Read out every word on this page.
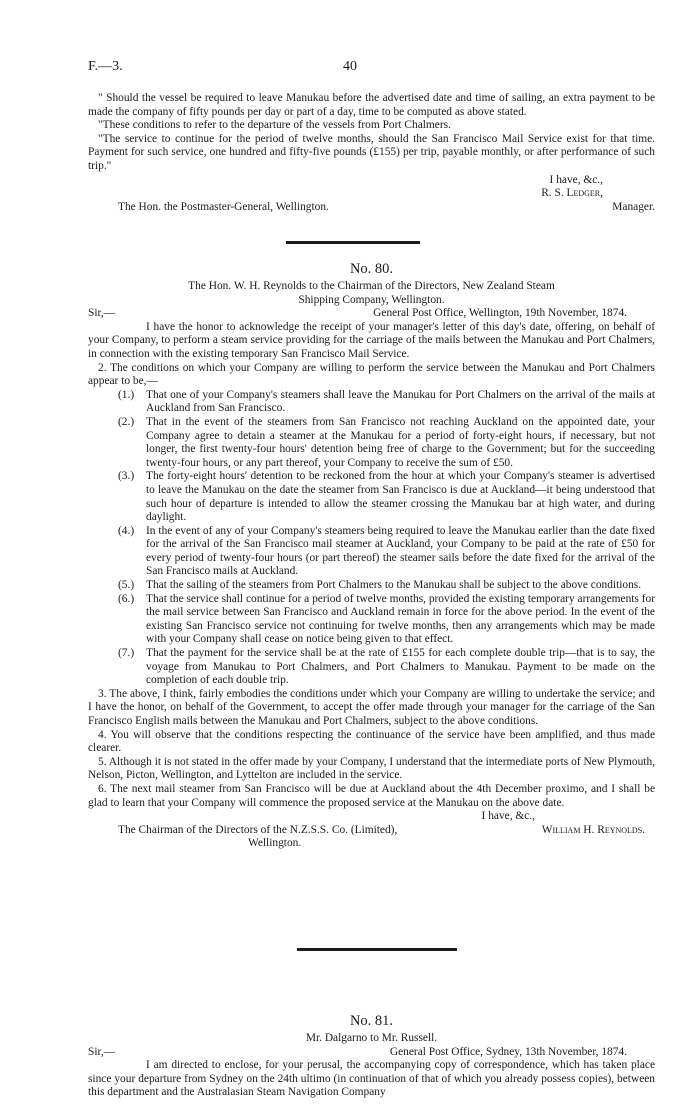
F.—3.	40

" Should the vessel be required to leave Manukau before the advertised date and time of sailing, an extra payment to be made the company of fifty pounds per day or part of a day, time to be computed as above stated.

"These conditions to refer to the departure of the vessels from Port Chalmers.

"The service to continue for the period of twelve months, should the San Francisco Mail Service exist for that time. Payment for such service, one hundred and fifty-five pounds (£155) per trip, payable monthly, or after performance of such trip."

I have, &c.,
R. S. Ledger,
The Hon. the Postmaster-General, Wellington.	Manager.

No. 80.

The Hon. W. H. Reynolds to the Chairman of the Directors, New Zealand Steam

Shipping Company, Wellington.

Sir,—	General Post Office, Wellington, 19th November, 1874.

I have the honor to acknowledge the receipt of your manager's letter of this day's date, offering, on behalf of your Company, to perform a steam service providing for the carriage of the mails between the Manukau and Port Chalmers, in connection with the existing temporary San Francisco Mail Service.

2. The conditions on which your Company are willing to perform the service between the Manukau and Port Chalmers appear to be,—

(1.) That one of your Company's steamers shall leave the Manukau for Port Chalmers on the arrival of the mails at Auckland from San Francisco.
(2.) That in the event of the steamers from San Francisco not reaching Auckland on the appointed date, your Company agree to detain a steamer at the Manukau for a period of forty-eight hours, if necessary, but not longer, the first twenty-four hours' detention being free of charge to the Government; but for the succeeding twenty-four hours, or any part thereof, your Company to receive the sum of £50.
(3.) The forty-eight hours' detention to be reckoned from the hour at which your Company's steamer is advertised to leave the Manukau on the date the steamer from San Francisco is due at Auckland—it being understood that such hour of departure is intended to allow the steamer crossing the Manukau bar at high water, and during daylight.
(4.) In the event of any of your Company's steamers being required to leave the Manukau earlier than the date fixed for the arrival of the San Francisco mail steamer at Auckland, your Company to be paid at the rate of £50 for every period of twenty-four hours (or part thereof) the steamer sails before the date fixed for the arrival of the San Francisco mails at Auckland.
(5.) That the sailing of the steamers from Port Chalmers to the Manukau shall be subject to the above conditions.
(6.) That the service shall continue for a period of twelve months, provided the existing temporary arrangements for the mail service between San Francisco and Auckland remain in force for the above period. In the event of the existing San Francisco service not continuing for twelve months, then any arrangements which may be made with your Company shall cease on notice being given to that effect.
(7.) That the payment for the service shall be at the rate of £155 for each complete double trip—that is to say, the voyage from Manukau to Port Chalmers, and Port Chalmers to Manukau. Payment to be made on the completion of each double trip.

3. The above, I think, fairly embodies the conditions under which your Company are willing to undertake the service; and I have the honor, on behalf of the Government, to accept the offer made through your manager for the carriage of the San Francisco English mails between the Manukau and Port Chalmers, subject to the above conditions.

4. You will observe that the conditions respecting the continuance of the service have been amplified, and thus made clearer.

5. Although it is not stated in the offer made by your Company, I understand that the intermediate ports of New Plymouth, Nelson, Picton, Wellington, and Lyttelton are included in the service.

6. The next mail steamer from San Francisco will be due at Auckland about the 4th December proximo, and I shall be glad to learn that your Company will commence the proposed service at the Manukau on the above date.

I have, &c.,
The Chairman of the Directors of the N.Z.S.S. Co. (Limited),	William H. Reynolds.
Wellington.

No. 81.

Mr. Dalgarno to Mr. Russell.

Sir,—	General Post Office, Sydney, 13th November, 1874.

I am directed to enclose, for your perusal, the accompanying copy of correspondence, which has taken place since your departure from Sydney on the 24th ultimo (in continuation of that of which you already possess copies), between this department and the Australasian Steam Navigation Company
